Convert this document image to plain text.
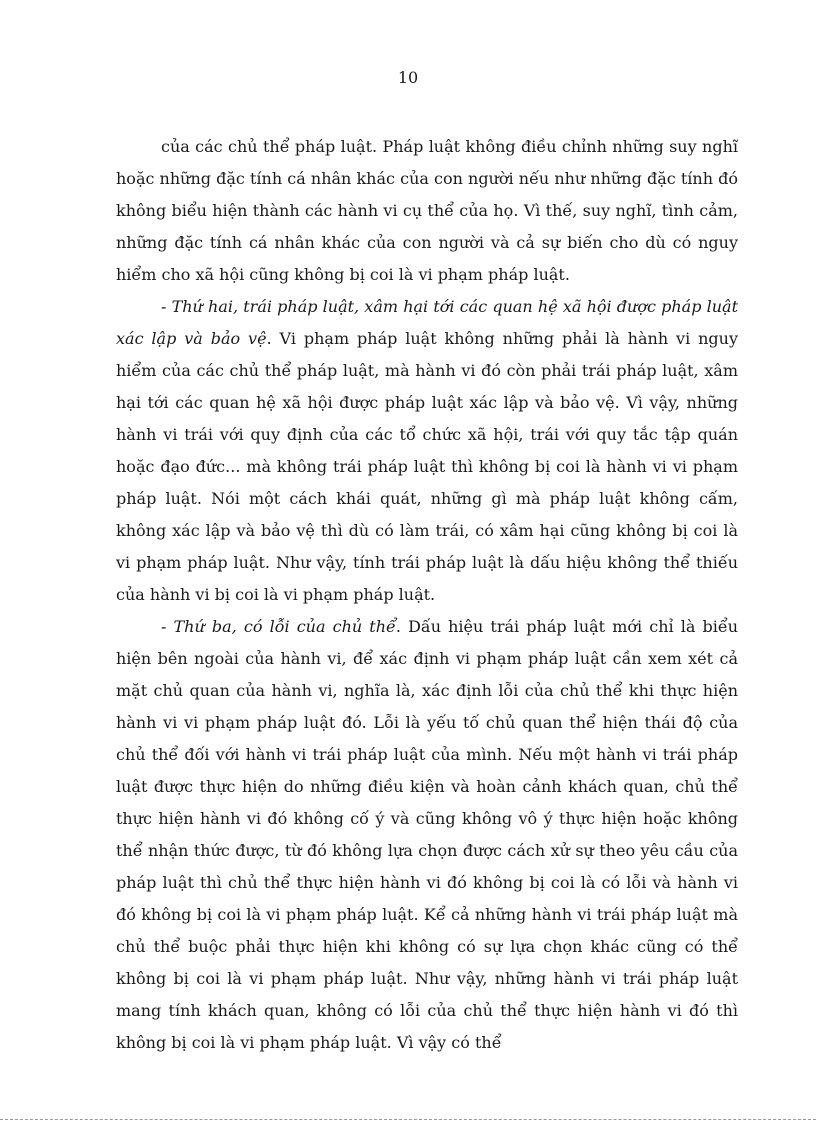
10

của các chủ thể pháp luật. Pháp luật không điều chỉnh những suy nghĩ hoặc những đặc tính cá nhân khác của con người nếu như những đặc tính đó không biểu hiện thành các hành vi cụ thể của họ. Vì thế, suy nghĩ, tình cảm, những đặc tính cá nhân khác của con người và cả sự biến cho dù có nguy hiểm cho xã hội cũng không bị coi là vi phạm pháp luật.

- Thứ hai, trái pháp luật, xâm hại tới các quan hệ xã hội được pháp luật xác lập và bảo vệ. Vi phạm pháp luật không những phải là hành vi nguy hiểm của các chủ thể pháp luật, mà hành vi đó còn phải trái pháp luật, xâm hại tới các quan hệ xã hội được pháp luật xác lập và bảo vệ. Vì vậy, những hành vi trái với quy định của các tổ chức xã hội, trái với quy tắc tập quán hoặc đạo đức... mà không trái pháp luật thì không bị coi là hành vi vi phạm pháp luật. Nói một cách khái quát, những gì mà pháp luật không cấm, không xác lập và bảo vệ thì dù có làm trái, có xâm hại cũng không bị coi là vi phạm pháp luật. Như vậy, tính trái pháp luật là dấu hiệu không thể thiếu của hành vi bị coi là vi phạm pháp luật.

- Thứ ba, có lỗi của chủ thể. Dấu hiệu trái pháp luật mới chỉ là biểu hiện bên ngoài của hành vi, để xác định vi phạm pháp luật cần xem xét cả mặt chủ quan của hành vi, nghĩa là, xác định lỗi của chủ thể khi thực hiện hành vi vi phạm pháp luật đó. Lỗi là yếu tố chủ quan thể hiện thái độ của chủ thể đối với hành vi trái pháp luật của mình. Nếu một hành vi trái pháp luật được thực hiện do những điều kiện và hoàn cảnh khách quan, chủ thể thực hiện hành vi đó không cố ý và cũng không vô ý thực hiện hoặc không thể nhận thức được, từ đó không lựa chọn được cách xử sự theo yêu cầu của pháp luật thì chủ thể thực hiện hành vi đó không bị coi là có lỗi và hành vi đó không bị coi là vi phạm pháp luật. Kể cả những hành vi trái pháp luật mà chủ thể buộc phải thực hiện khi không có sự lựa chọn khác cũng có thể không bị coi là vi phạm pháp luật. Như vậy, những hành vi trái pháp luật mang tính khách quan, không có lỗi của chủ thể thực hiện hành vi đó thì không bị coi là vi phạm pháp luật. Vì vậy có thể
